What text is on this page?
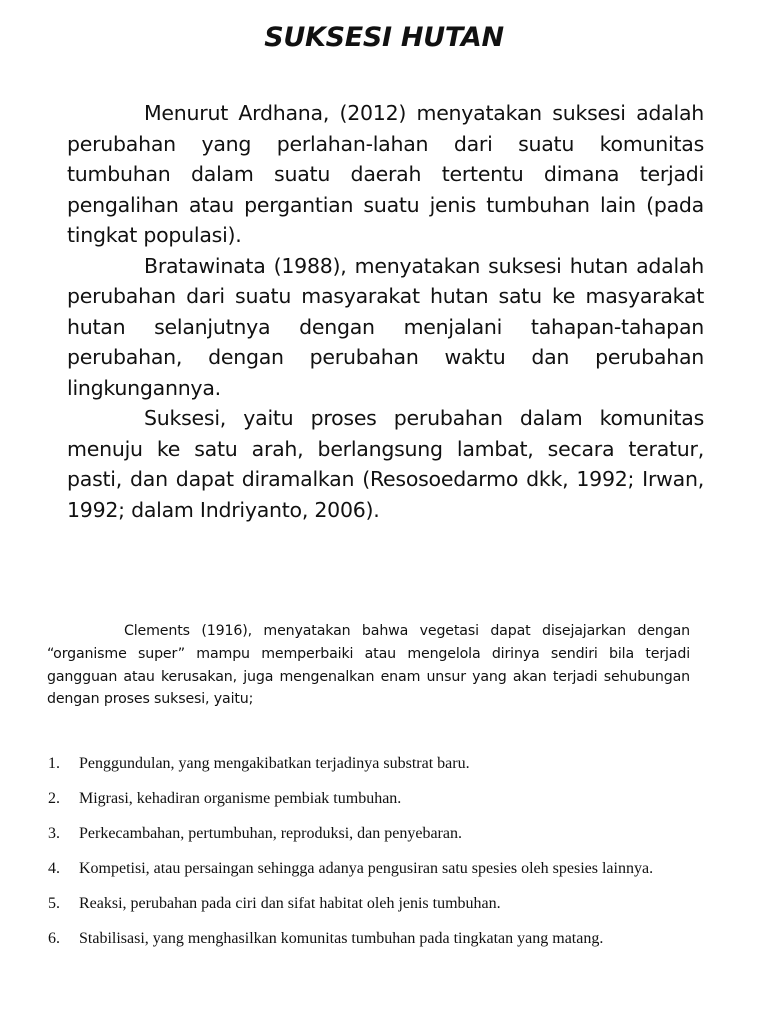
SUKSESI HUTAN

Menurut Ardhana, (2012) menyatakan suksesi adalah perubahan yang perlahan-lahan dari suatu komunitas tumbuhan dalam suatu daerah tertentu dimana terjadi pengalihan atau pergantian suatu jenis tumbuhan lain (pada tingkat populasi).

Bratawinata (1988), menyatakan suksesi hutan adalah perubahan dari suatu masyarakat hutan satu ke masyarakat hutan selanjutnya dengan menjalani tahapan-tahapan perubahan, dengan perubahan waktu dan perubahan lingkungannya.

Suksesi, yaitu proses perubahan dalam komunitas menuju ke satu arah, berlangsung lambat, secara teratur, pasti, dan dapat diramalkan (Resosoedarmo dkk, 1992; Irwan, 1992; dalam Indriyanto, 2006).

Clements (1916), menyatakan bahwa vegetasi dapat disejajarkan dengan “organisme super” mampu memperbaiki atau mengelola dirinya sendiri bila terjadi gangguan atau kerusakan, juga mengenalkan enam unsur yang akan terjadi sehubungan dengan proses suksesi, yaitu;

1. Penggundulan, yang mengakibatkan terjadinya substrat baru.
2. Migrasi, kehadiran organisme pembiak tumbuhan.
3. Perkecambahan, pertumbuhan, reproduksi, dan penyebaran.
4. Kompetisi, atau persaingan sehingga adanya pengusiran satu spesies oleh spesies lainnya.
5. Reaksi, perubahan pada ciri dan sifat habitat oleh jenis tumbuhan.
6. Stabilisasi, yang menghasilkan komunitas tumbuhan pada tingkatan yang matang.
